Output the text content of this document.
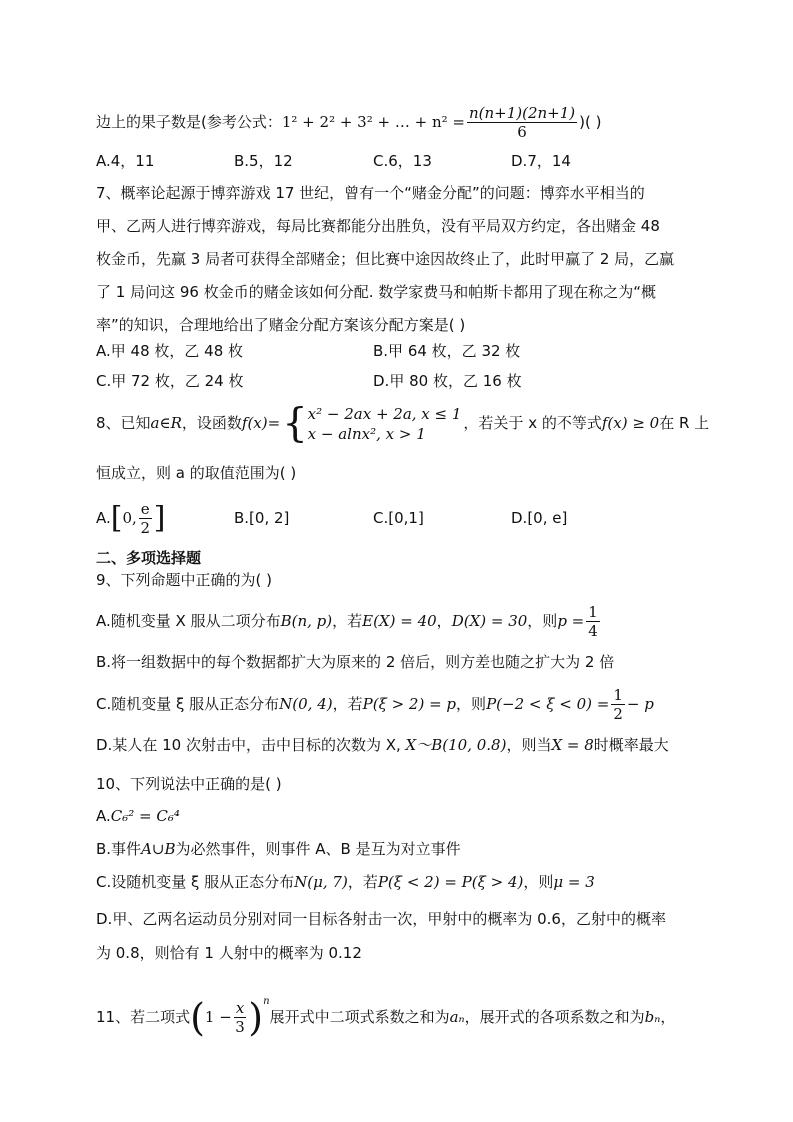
边上的果子数是(参考公式：1² + 2² + 3² + … + $n^2 = \frac{n(n+1)(2n+1)}{6}$ )( )
A.4，11	B.5，12	C.6，13	D.7，14
7、概率论起源于博弈游戏 17 世纪，曾有一个“赌金分配”的问题：博弈水平相当的
甲、乙两人进行博弈游戏，每局比赛都能分出胜负，没有平局双方约定，各出赌金 48
枚金币，先赢 3 局者可获得全部赌金；但比赛中途因故终止了，此时甲赢了 2 局，乙赢
了 1 局问这 96 枚金币的赌金该如何分配. 数学家费马和帕斯卡都用了现在称之为“概
率”的知识，合理地给出了赌金分配方案该分配方案是( )
A.甲 48 枚，乙 48 枚	B.甲 64 枚，乙 32 枚
C.甲 72 枚，乙 24 枚	D.甲 80 枚，乙 16 枚
8、已知a∈R，设函数f(x)={ x² − 2ax + 2a, x ≤ 1
x − alnx², x > 1
，若关于 x 的不等式f(x) ≥ 0在 R 上
恒成立，则 a 的取值范围为( )
A.[0, $\frac{e}{2}$ ]	B.[0, 2]	C.[0,1]	D.[0, e]
二、多项选择题
9、下列命题中正确的为( )
A.随机变量 X 服从二项分布B(n, p)，若E(X) = 40，D(X) = 30，则$p = \frac{1}{4}$
B.将一组数据中的每个数据都扩大为原来的 2 倍后，则方差也随之扩大为 2 倍
C.随机变量 ξ 服从正态分布N(0, 4)，若P(ξ > 2) = p，则$P(-2 < \xi < 0) = \frac{1}{2} - p$
D.某人在 10 次射击中，击中目标的次数为 X, X～B(10, 0.8)，则当X = 8时概率最大
10、下列说法中正确的是( )
A.C₆² = C₆⁴
B.事件A∪B为必然事件，则事件 A、B 是互为对立事件
C.设随机变量 ξ 服从正态分布N(μ, 7)，若P(ξ < 2) = P(ξ > 4)，则μ = 3
D.甲、乙两名运动员分别对同一目标各射击一次，甲射中的概率为 0.6，乙射中的概率
为 0.8，则恰有 1 人射中的概率为 0.12
11、若二项式$(1 - \frac{x}{3} )^n$展开式中二项式系数之和为aₙ，展开式的各项系数之和为bₙ，
